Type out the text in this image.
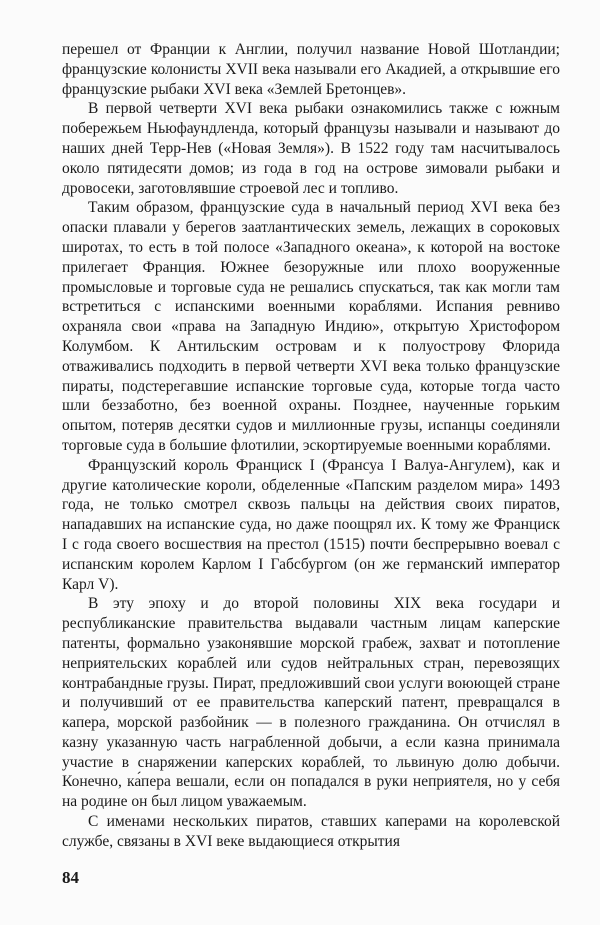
перешел от Франции к Англии, получил название Новой Шотландии; французские колонисты XVII века называли его Акадией, а открывшие его французские рыбаки XVI века «Землей Бретонцев».

В первой четверти XVI века рыбаки ознакомились также с южным побережьем Ньюфаундленда, который французы называли и называют до наших дней Терр-Нев («Новая Земля»). В 1522 году там насчитывалось около пятидесяти домов; из года в год на острове зимовали рыбаки и дровосеки, заготовлявшие строевой лес и топливо.

Таким образом, французские суда в начальный период XVI века без опаски плавали у берегов заатлантических земель, лежащих в сороковых широтах, то есть в той полосе «Западного океана», к которой на востоке прилегает Франция. Южнее безоружные или плохо вооруженные промысловые и торговые суда не решались спускаться, так как могли там встретиться с испанскими военными кораблями. Испания ревниво охраняла свои «права на Западную Индию», открытую Христофором Колумбом. К Антильским островам и к полуострову Флорида отваживались подходить в первой четверти XVI века только французские пираты, подстерегавшие испанские торговые суда, которые тогда часто шли беззаботно, без военной охраны. Позднее, наученные горьким опытом, потеряв десятки судов и миллионные грузы, испанцы соединяли торговые суда в большие флотилии, эскортируемые военными кораблями.

Французский король Франциск I (Франсуа I Валуа-Ангулем), как и другие католические короли, обделенные «Папским разделом мира» 1493 года, не только смотрел сквозь пальцы на действия своих пиратов, нападавших на испанские суда, но даже поощрял их. К тому же Франциск I с года своего восшествия на престол (1515) почти беспрерывно воевал с испанским королем Карлом I Габсбургом (он же германский император Карл V).

В эту эпоху и до второй половины XIX века государи и республиканские правительства выдавали частным лицам каперские патенты, формально узаконявшие морской грабеж, захват и потопление неприятельских кораблей или судов нейтральных стран, перевозящих контрабандные грузы. Пират, предложивший свои услуги воюющей стране и получивший от ее правительства каперский патент, превращался в капера, морской разбойник — в полезного гражданина. Он отчислял в казну указанную часть награбленной добычи, а если казна принимала участие в снаряжении каперских кораблей, то львиную долю добычи. Конечно, ка́пера вешали, если он попадался в руки неприятеля, но у себя на родине он был лицом уважаемым.

С именами нескольких пиратов, ставших каперами на королевской службе, связаны в XVI веке выдающиеся открытия

84
